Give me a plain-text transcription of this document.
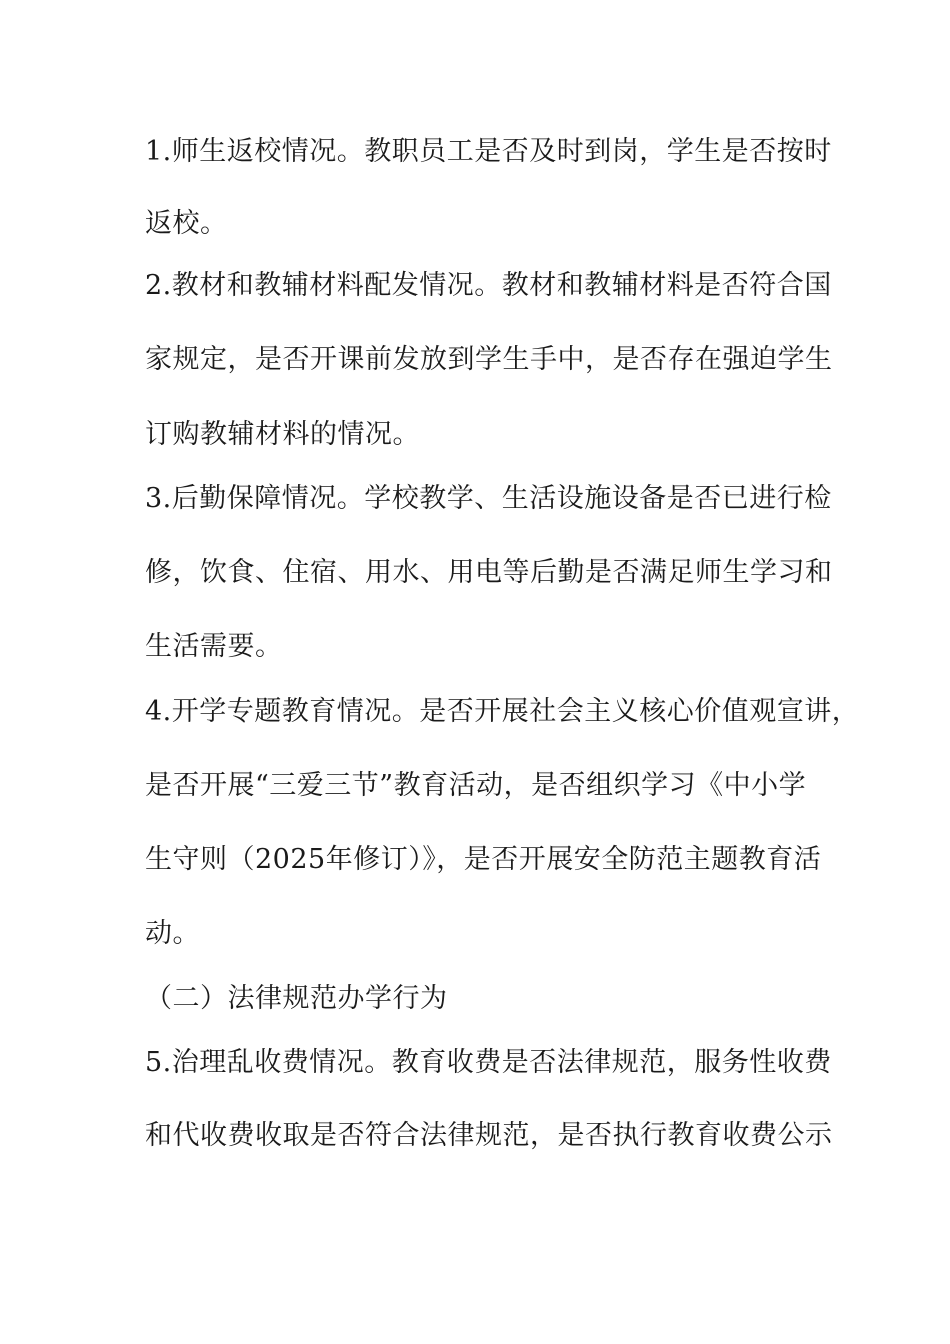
1.师生返校情况。教职员工是否及时到岗，学生是否按时
返校。
2.教材和教辅材料配发情况。教材和教辅材料是否符合国
家规定，是否开课前发放到学生手中，是否存在强迫学生
订购教辅材料的情况。
3.后勤保障情况。学校教学、生活设施设备是否已进行检
修，饮食、住宿、用水、用电等后勤是否满足师生学习和
生活需要。
4.开学专题教育情况。是否开展社会主义核心价值观宣讲，
是否开展“三爱三节”教育活动，是否组织学习《中小学
生守则（2025年修订）》，是否开展安全防范主题教育活
动。
（二）法律规范办学行为
5.治理乱收费情况。教育收费是否法律规范，服务性收费
和代收费收取是否符合法律规范，是否执行教育收费公示
